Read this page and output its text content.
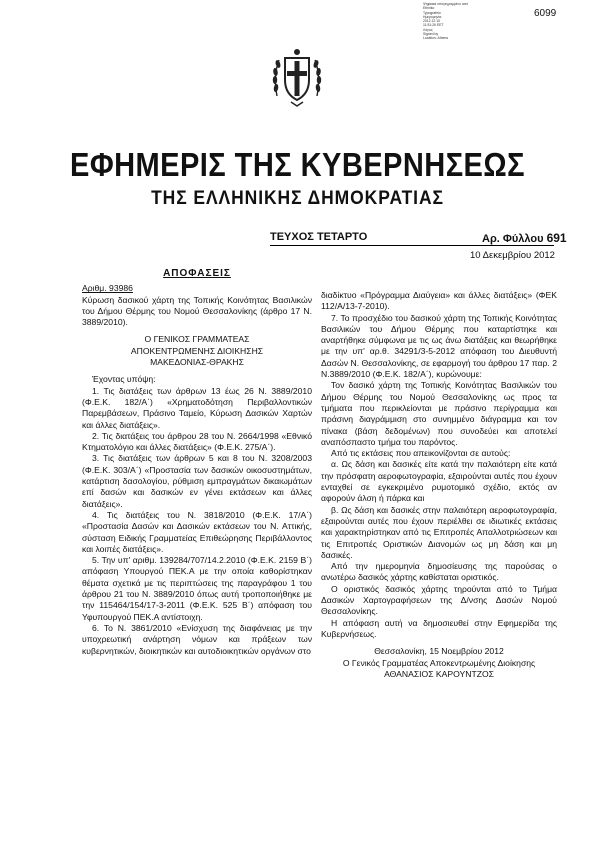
Ψηφιακά υπογεγραμμένο από
Ethniko
Typografeio
Ημερομηνία:
2012.12.10
11:51:26 EET
Λόγος:
Signed by
Location: Athens
6099
ΕΦΗΜΕΡΙΣ ΤΗΣ ΚΥΒΕΡΝΗΣΕΩΣ
ΤΗΣ ΕΛΛΗΝΙΚΗΣ ΔΗΜΟΚΡΑΤΙΑΣ
ΤΕΥΧΟΣ ΤΕΤΑΡΤΟ	Αρ. Φύλλου 691
10 Δεκεμβρίου 2012

ΑΠΟΦΑΣΕΙΣ

Αριθμ. 93986

Κύρωση δασικού χάρτη της Τοπικής Κοινότητας Βασιλικών του Δήμου Θέρμης του Νομού Θεσσαλονίκης (άρθρο 17 Ν. 3889/2010).

Ο ΓΕΝΙΚΟΣ ΓΡΑΜΜΑΤΕΑΣ

ΑΠΟΚΕΝΤΡΩΜΕΝΗΣ ΔΙΟΙΚΗΣΗΣ

ΜΑΚΕΔΟΝΙΑΣ-ΘΡΑΚΗΣ

Έχοντας υπόψη:

1. Τις διατάξεις των άρθρων 13 έως 26 Ν. 3889/2010 (Φ.Ε.Κ. 182/Α΄) «Χρηματοδότηση Περιβαλλοντικών Παρεμβάσεων, Πράσινο Ταμείο, Κύρωση Δασικών Χαρτών και άλλες διατάξεις».

2. Τις διατάξεις του άρθρου 28 του Ν. 2664/1998 «Εθνικό Κτηματολόγιο και άλλες διατάξεις» (Φ.Ε.Κ. 275/Α΄).

3. Τις διατάξεις των άρθρων 5 και 8 του Ν. 3208/2003 (Φ.Ε.Κ. 303/Α΄) «Προστασία των δασικών οικοσυστημάτων, κατάρτιση δασολογίου, ρύθμιση εμπραγμάτων δικαιωμάτων επί δασών και δασικών εν γένει εκτάσεων και άλλες διατάξεις».

4. Τις διατάξεις του Ν. 3818/2010 (Φ.Ε.Κ. 17/Α΄) «Προστασία Δασών και Δασικών εκτάσεων του Ν. Αττικής, σύσταση Ειδικής Γραμματείας Επιθεώρησης Περιβάλλοντος και λοιπές διατάξεις».

5. Την υπ' αριθμ. 139284/707/14.2.2010 (Φ.Ε.Κ. 2159 Β΄) απόφαση Υπουργού ΠΕΚ.Α με την οποία καθορίστηκαν θέματα σχετικά με τις περιπτώσεις της παραγράφου 1 του άρθρου 21 του Ν. 3889/2010 όπως αυτή τροποποιήθηκε με την 115464/154/17-3-2011 (Φ.Ε.Κ. 525 Β΄) απόφαση του Υφυπουργού ΠΕΚ.Α αντίστοιχη.

6. Το Ν. 3861/2010 «Ενίσχυση της διαφάνειας με την υποχρεωτική ανάρτηση νόμων και πράξεων των κυβερνητικών, διοικητικών και αυτοδιοικητικών οργάνων στο

διαδίκτυο «Πρόγραμμα Διαύγεια» και άλλες διατάξεις» (ΦΕΚ 112/Α/13-7-2010).

7. Το προσχέδιο του δασικού χάρτη της Τοπικής Κοινότητας Βασιλικών του Δήμου Θέρμης που καταρτίστηκε και αναρτήθηκε σύμφωνα με τις ως άνω διατάξεις και θεωρήθηκε με την υπ' αρ.θ. 34291/3-5-2012 απόφαση του Διευθυντή Δασών Ν. Θεσσαλονίκης, σε εφαρμογή του άρθρου 17 παρ. 2 Ν.3889/2010 (Φ.Ε.Κ. 182/Α΄), κυρώνουμε:

Τον δασικό χάρτη της Τοπικής Κοινότητας Βασιλικών του Δήμου Θέρμης του Νομού Θεσσαλονίκης ως προς τα τμήματα που περικλείονται με πράσινο περίγραμμα και πράσινη διαγράμμιση στο συνημμένο διάγραμμα και τον πίνακα (βάση δεδομένων) που συνοδεύει και αποτελεί αναπόσπαστο τμήμα του παρόντος.

Από τις εκτάσεις που απεικονίζονται σε αυτούς:

α. Ως δάση και δασικές είτε κατά την παλαιότερη είτε κατά την πρόσφατη αεροφωτογραφία, εξαιρούνται αυτές που έχουν ενταχθεί σε εγκεκριμένο ρυμοτομικό σχέδιο, εκτός αν αφορούν άλση ή πάρκα και

β. Ως δάση και δασικές στην παλαιότερη αεροφωτογραφία, εξαιρούνται αυτές που έχουν περιέλθει σε ιδιωτικές εκτάσεις και χαρακτηρίστηκαν από τις Επιτροπές Απαλλοτριώσεων και τις Επιτροπές Οριστικών Διανομών ως μη δάση και μη δασικές.

Από την ημερομηνία δημοσίευσης της παρούσας ο ανωτέρω δασικός χάρτης καθίσταται οριστικός.

Ο οριστικός δασικός χάρτης τηρούνται από το Τμήμα Δασικών Χαρτογραφήσεων της Δ/νσης Δασών Νομού Θεσσαλονίκης.

Η απόφαση αυτή να δημοσιευθεί στην Εφημερίδα της Κυβερνήσεως.

Θεσσαλονίκη, 15 Νοεμβρίου 2012

Ο Γενικός Γραμματέας Αποκεντρωμένης Διοίκησης

ΑΘΑΝΑΣΙΟΣ ΚΑΡΟΥΝΤΖΟΣ
